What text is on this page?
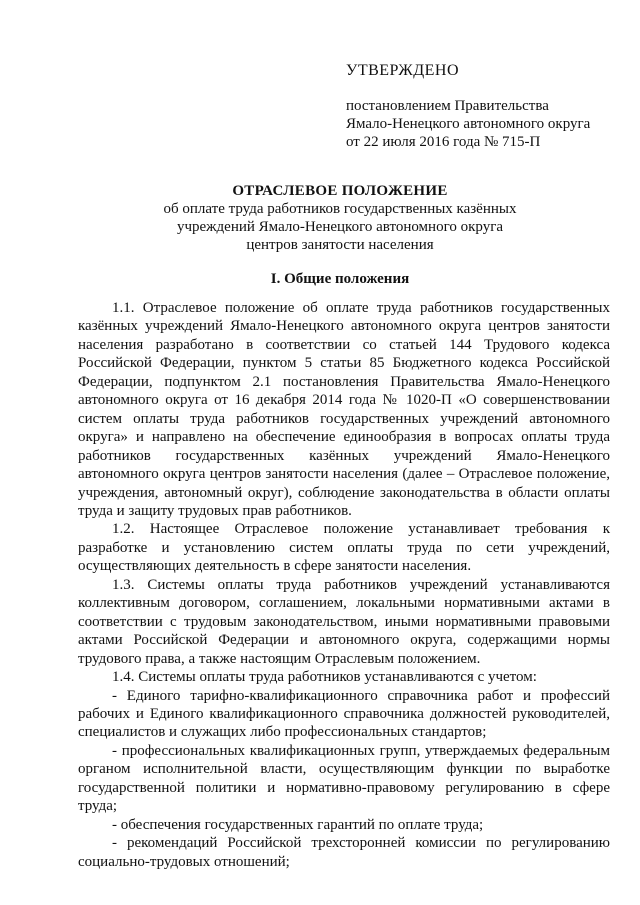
УТВЕРЖДЕНО
постановлением Правительства
Ямало-Ненецкого автономного округа
от 22 июля 2016 года № 715-П
ОТРАСЛЕВОЕ ПОЛОЖЕНИЕ
об оплате труда работников государственных казённых
учреждений Ямало-Ненецкого автономного округа
центров занятости населения
I. Общие положения

1.1. Отраслевое положение об оплате труда работников государственных казённых учреждений Ямало-Ненецкого автономного округа центров занятости населения разработано в соответствии со статьей 144 Трудового кодекса Российской Федерации, пунктом 5 статьи 85 Бюджетного кодекса Российской Федерации, подпунктом 2.1 постановления Правительства Ямало-Ненецкого автономного округа от 16 декабря 2014 года № 1020-П «О совершенствовании систем оплаты труда работников государственных учреждений автономного округа» и направлено на обеспечение единообразия в вопросах оплаты труда работников государственных казённых учреждений Ямало-Ненецкого автономного округа центров занятости населения (далее – Отраслевое положение, учреждения, автономный округ), соблюдение законодательства в области оплаты труда и защиту трудовых прав работников.

1.2. Настоящее Отраслевое положение устанавливает требования к разработке и установлению систем оплаты труда по сети учреждений, осуществляющих деятельность в сфере занятости населения.

1.3. Системы оплаты труда работников учреждений устанавливаются коллективным договором, соглашением, локальными нормативными актами в соответствии с трудовым законодательством, иными нормативными правовыми актами Российской Федерации и автономного округа, содержащими нормы трудового права, а также настоящим Отраслевым положением.

1.4. Системы оплаты труда работников устанавливаются с учетом:

- Единого тарифно-квалификационного справочника работ и профессий рабочих и Единого квалификационного справочника должностей руководителей, специалистов и служащих либо профессиональных стандартов;

- профессиональных квалификационных групп, утверждаемых федеральным органом исполнительной власти, осуществляющим функции по выработке государственной политики и нормативно-правовому регулированию в сфере труда;

- обеспечения государственных гарантий по оплате труда;

- рекомендаций Российской трехсторонней комиссии по регулированию социально-трудовых отношений;
